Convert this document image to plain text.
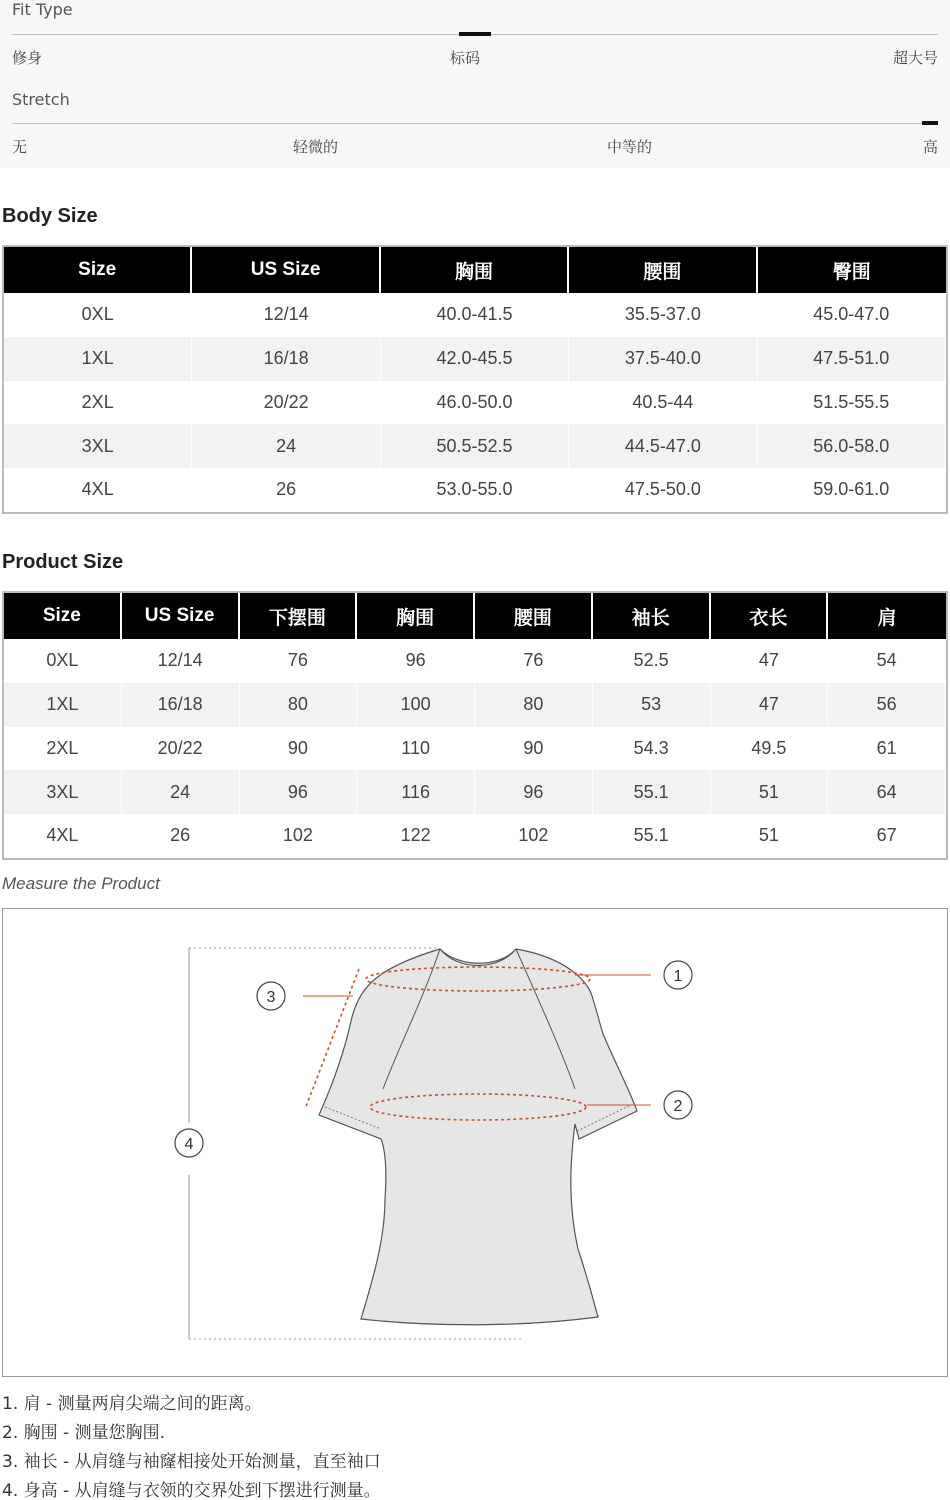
Fit Type
修身	标码	超大号
Stretch
无	轻微的	中等的	高
Body Size
Size	US Size	胸围	腰围	臀围
0XL	12/14	40.0-41.5	35.5-37.0	45.0-47.0
1XL	16/18	42.0-45.5	37.5-40.0	47.5-51.0
2XL	20/22	46.0-50.0	40.5-44	51.5-55.5
3XL	24	50.5-52.5	44.5-47.0	56.0-58.0
4XL	26	53.0-55.0	47.5-50.0	59.0-61.0
Product Size
Size	US Size	下摆围	胸围	腰围	袖长	衣长	肩
0XL	12/14	76	96	76	52.5	47	54
1XL	16/18	80	100	80	53	47	56
2XL	20/22	90	110	90	54.3	49.5	61
3XL	24	96	116	96	55.1	51	64
4XL	26	102	122	102	55.1	51	67
Measure the Product
1
2
3
4
1. 肩 - 测量两肩尖端之间的距离。
2. 胸围 - 测量您胸围.
3. 袖长 - 从肩缝与袖窿相接处开始测量，直至袖口
4. 身高 - 从肩缝与衣领的交界处到下摆进行测量。
